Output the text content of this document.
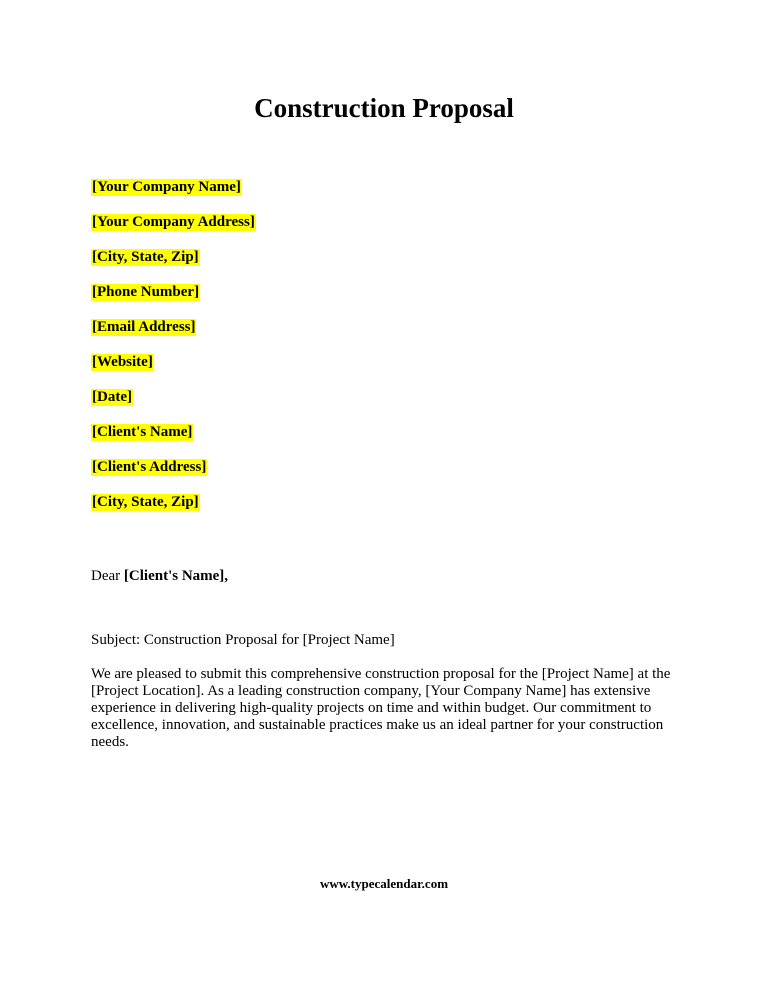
Construction Proposal
[Your Company Name]
[Your Company Address]
[City, State, Zip]
[Phone Number]
[Email Address]
[Website]
[Date]
[Client's Name]
[Client's Address]
[City, State, Zip]
Dear [Client's Name],
Subject: Construction Proposal for [Project Name]
We are pleased to submit this comprehensive construction proposal for the [Project Name] at the
[Project Location]. As a leading construction company, [Your Company Name] has extensive
experience in delivering high-quality projects on time and within budget. Our commitment to
excellence, innovation, and sustainable practices make us an ideal partner for your construction
needs.
www.typecalendar.com
